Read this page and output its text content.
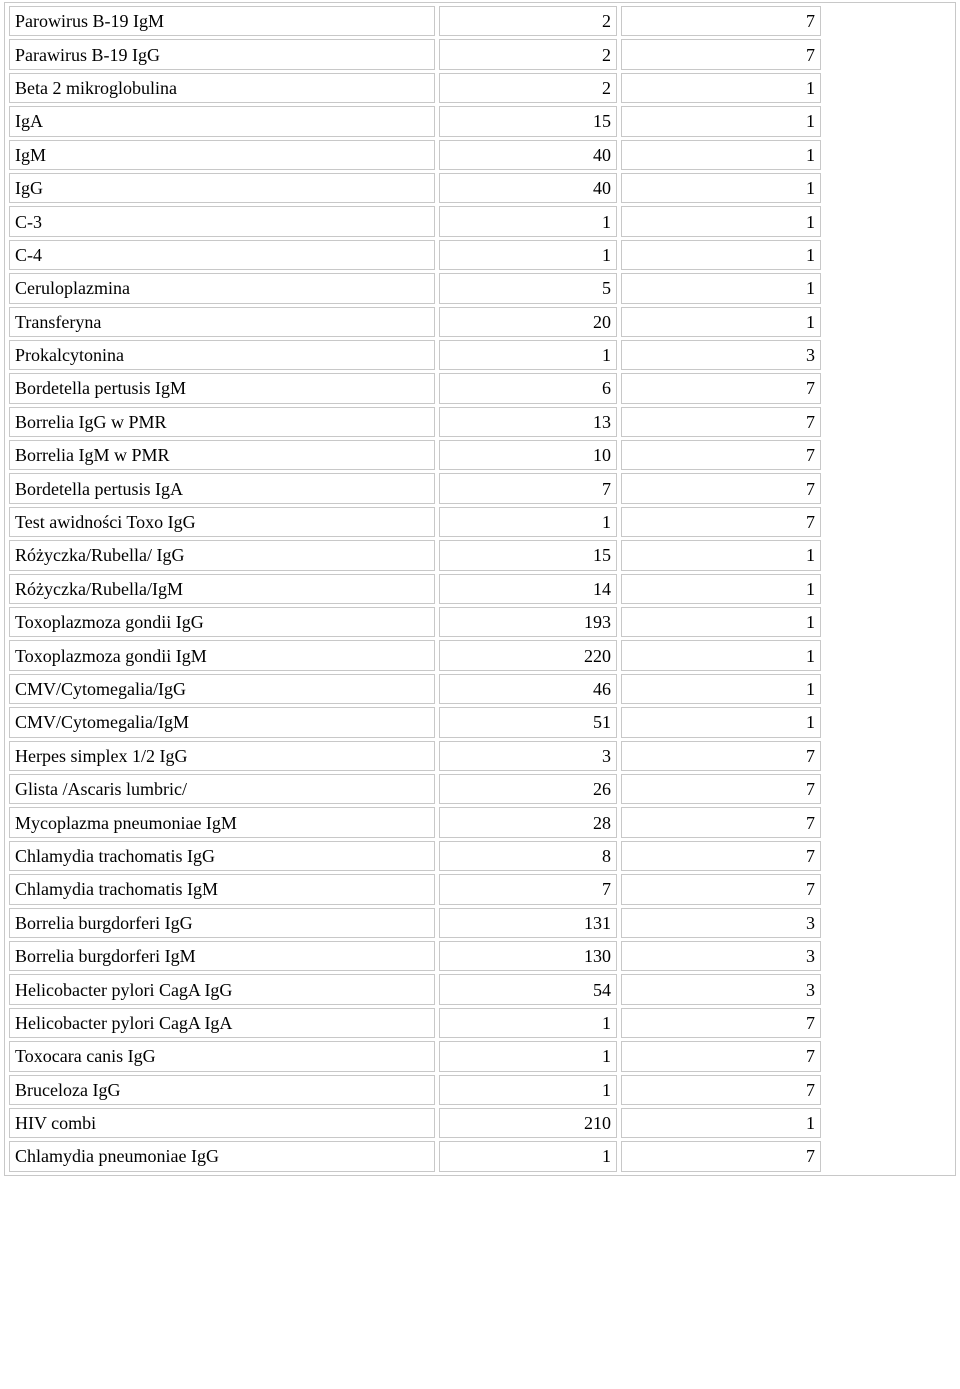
Parowirus B-19 IgM	2	7	
Parawirus B-19 IgG	2	7	
Beta 2 mikroglobulina	2	1	
IgA	15	1	
IgM	40	1	
IgG	40	1	
C-3	1	1	
C-4	1	1	
Ceruloplazmina	5	1	
Transferyna	20	1	
Prokalcytonina	1	3	
Bordetella pertusis IgM	6	7	
Borrelia IgG w PMR	13	7	
Borrelia IgM w PMR	10	7	
Bordetella pertusis IgA	7	7	
Test awidności Toxo IgG	1	7	
Różyczka/Rubella/ IgG	15	1	
Różyczka/Rubella/IgM	14	1	
Toxoplazmoza gondii IgG	193	1	
Toxoplazmoza gondii IgM	220	1	
CMV/Cytomegalia/IgG	46	1	
CMV/Cytomegalia/IgM	51	1	
Herpes simplex 1/2 IgG	3	7	
Glista /Ascaris lumbric/	26	7	
Mycoplazma pneumoniae IgM	28	7	
Chlamydia trachomatis IgG	8	7	
Chlamydia trachomatis IgM	7	7	
Borrelia burgdorferi IgG	131	3	
Borrelia burgdorferi IgM	130	3	
Helicobacter pylori CagA IgG	54	3	
Helicobacter pylori CagA IgA	1	7	
Toxocara canis IgG	1	7	
Bruceloza IgG	1	7	
HIV combi	210	1	
Chlamydia pneumoniae IgG	1	7	
